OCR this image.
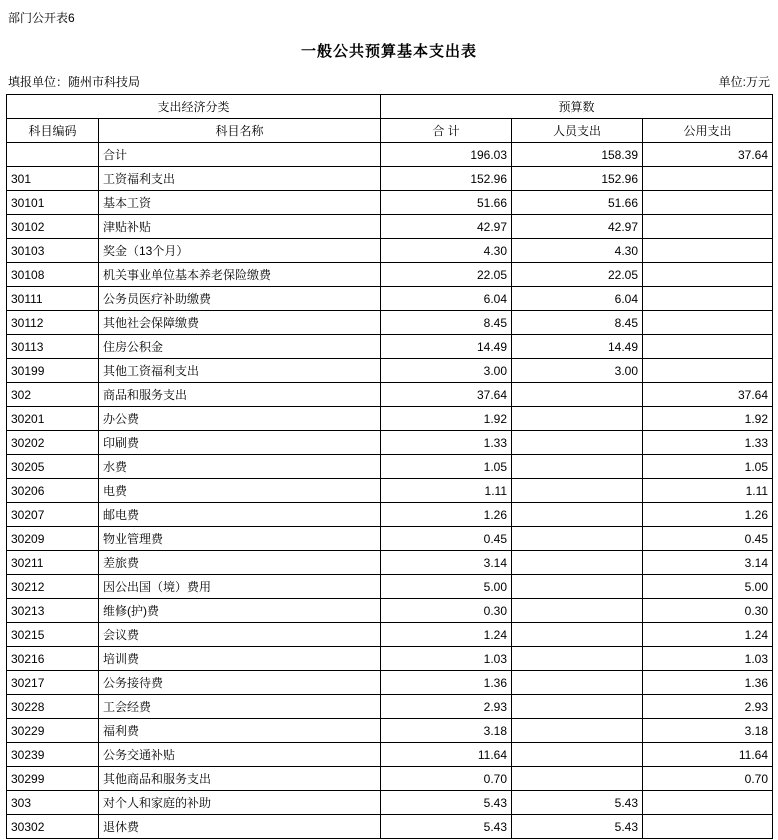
部门公开表6
一般公共预算基本支出表
填报单位：随州市科技局	单位:万元
支出经济分类		预算数		
科目编码	科目名称	合 计	人员支出	公用支出
	合计	196.03	158.39	37.64
301	工资福利支出	152.96	152.96	
30101	基本工资	51.66	51.66	
30102	津贴补贴	42.97	42.97	
30103	奖金（13个月）	4.30	4.30	
30108	机关事业单位基本养老保险缴费	22.05	22.05	
30111	公务员医疗补助缴费	6.04	6.04	
30112	其他社会保障缴费	8.45	8.45	
30113	住房公积金	14.49	14.49	
30199	其他工资福利支出	3.00	3.00	
302	商品和服务支出	37.64		37.64
30201	办公费	1.92		1.92
30202	印刷费	1.33		1.33
30205	水费	1.05		1.05
30206	电费	1.11		1.11
30207	邮电费	1.26		1.26
30209	物业管理费	0.45		0.45
30211	差旅费	3.14		3.14
30212	因公出国（境）费用	5.00		5.00
30213	维修(护)费	0.30		0.30
30215	会议费	1.24		1.24
30216	培训费	1.03		1.03
30217	公务接待费	1.36		1.36
30228	工会经费	2.93		2.93
30229	福利费	3.18		3.18
30239	公务交通补贴	11.64		11.64
30299	其他商品和服务支出	0.70		0.70
303	对个人和家庭的补助	5.43	5.43	
30302	退休费	5.43	5.43	
